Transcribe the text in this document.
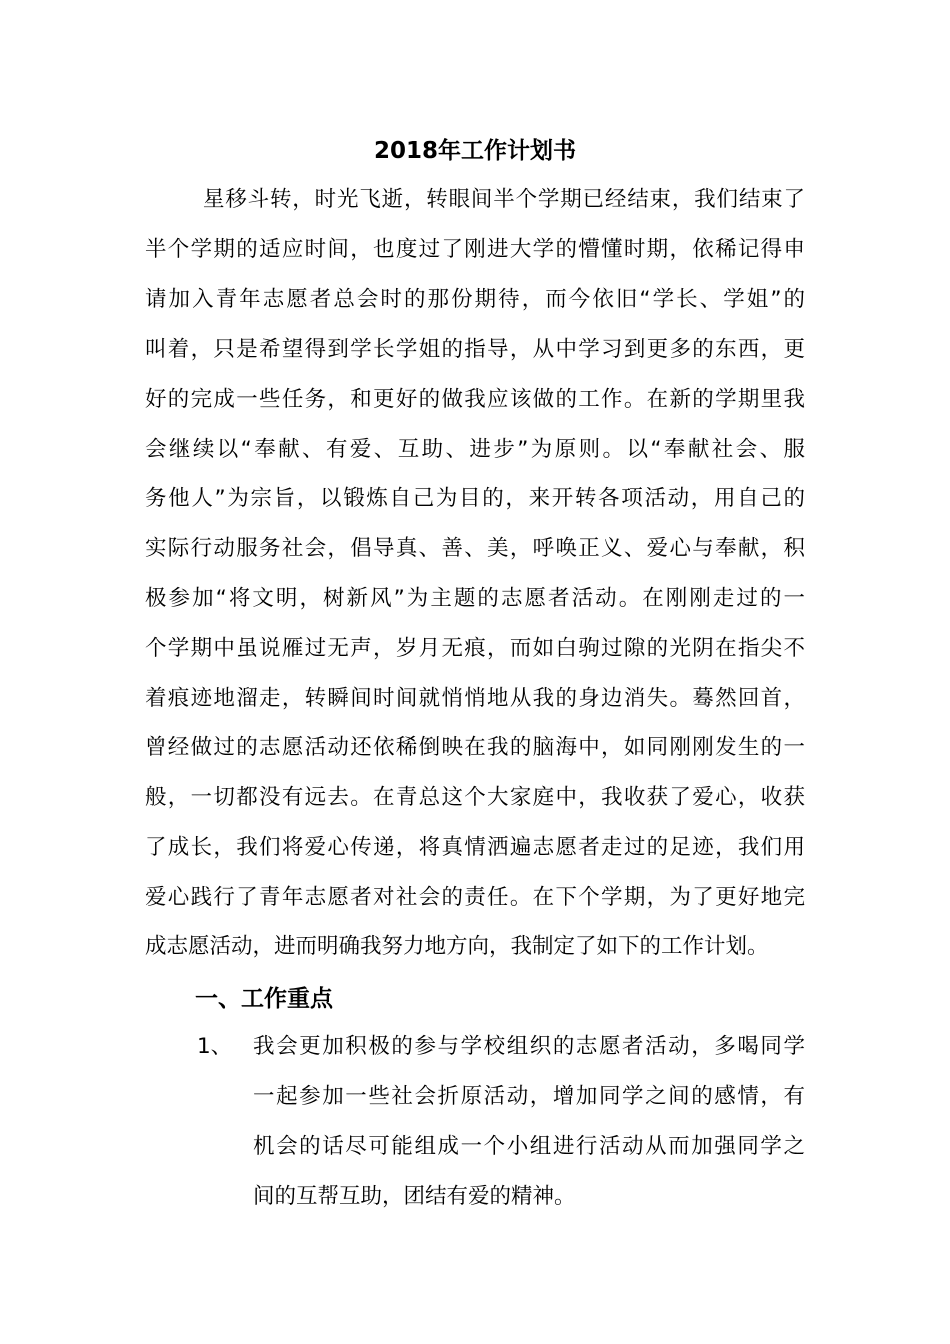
2018年工作计划书
星移斗转，时光飞逝，转眼间半个学期已经结束，我们结束了
半个学期的适应时间，也度过了刚进大学的懵懂时期，依稀记得申
请加入青年志愿者总会时的那份期待，而今依旧“学长、学姐”的
叫着，只是希望得到学长学姐的指导，从中学习到更多的东西，更
好的完成一些任务，和更好的做我应该做的工作。在新的学期里我
会继续以“奉献、有爱、互助、进步”为原则。以“奉献社会、服
务他人”为宗旨，以锻炼自己为目的，来开转各项活动，用自己的
实际行动服务社会，倡导真、善、美，呼唤正义、爱心与奉献，积
极参加“将文明，树新风”为主题的志愿者活动。在刚刚走过的一
个学期中虽说雁过无声，岁月无痕，而如白驹过隙的光阴在指尖不
着痕迹地溜走，转瞬间时间就悄悄地从我的身边消失。蓦然回首，
曾经做过的志愿活动还依稀倒映在我的脑海中，如同刚刚发生的一
般，一切都没有远去。在青总这个大家庭中，我收获了爱心，收获
了成长，我们将爱心传递，将真情洒遍志愿者走过的足迹，我们用
爱心践行了青年志愿者对社会的责任。在下个学期，为了更好地完
成志愿活动，进而明确我努力地方向，我制定了如下的工作计划。
一、工作重点
1、 我会更加积极的参与学校组织的志愿者活动，多喝同学
一起参加一些社会折原活动，增加同学之间的感情，有
机会的话尽可能组成一个小组进行活动从而加强同学之
间的互帮互助，团结有爱的精神。
